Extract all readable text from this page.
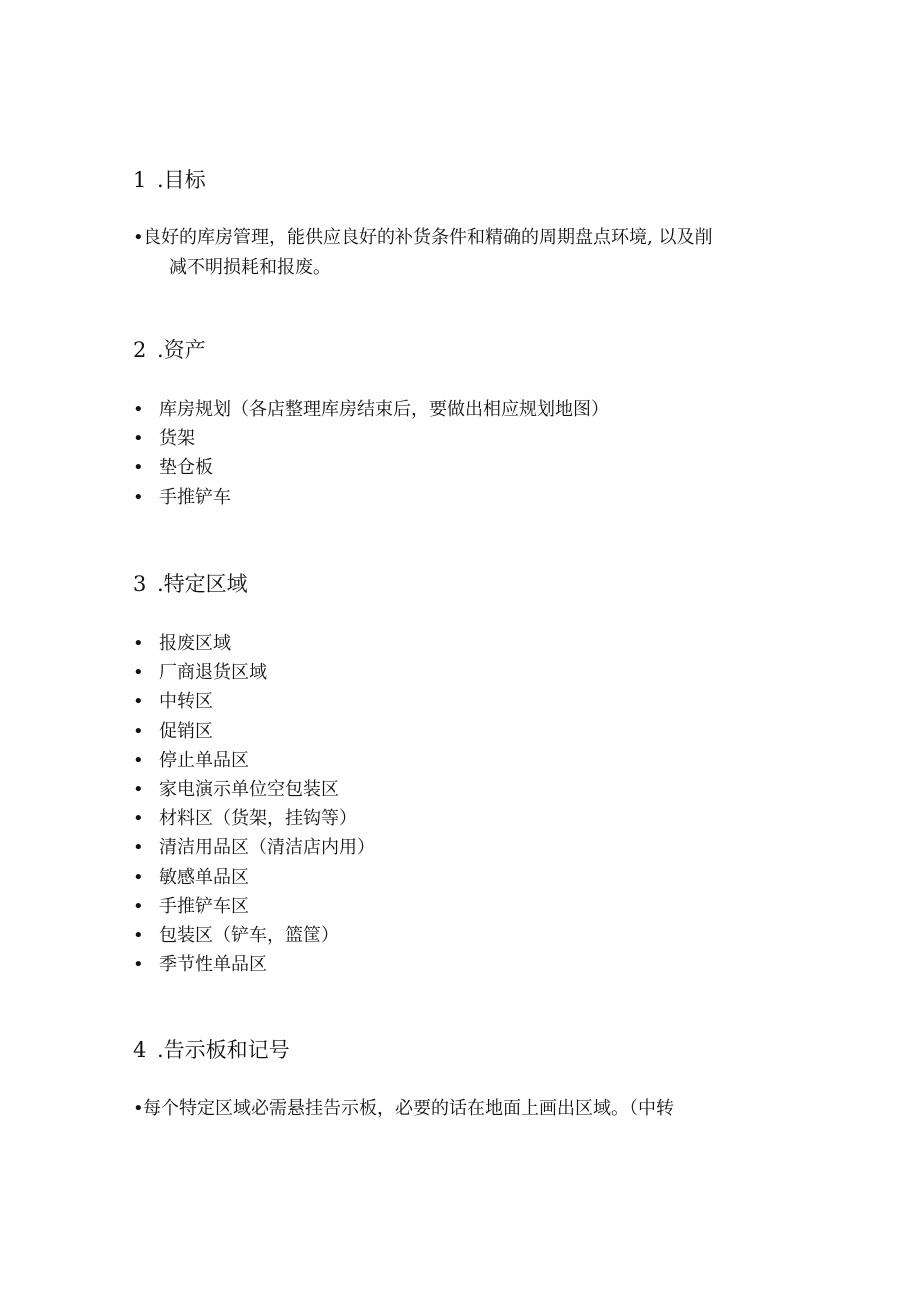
1 .目标
• 良好的库房管理，能供应良好的补货条件和精确的周期盘点环境, 以及削
减不明损耗和报废。
2 .资产
• 库房规划（各店整理库房结束后，要做出相应规划地图）
• 货架
• 垫仓板
• 手推铲车
3 .特定区域
• 报废区域
• 厂商退货区域
• 中转区
• 促销区
• 停止单品区
• 家电演示单位空包装区
• 材料区（货架，挂钩等）
• 清洁用品区（清洁店内用）
• 敏感单品区
• 手推铲车区
• 包装区（铲车，篮筐）
• 季节性单品区
4 .告示板和记号
• 每个特定区域必需悬挂告示板，必要的话在地面上画出区域。（中转
